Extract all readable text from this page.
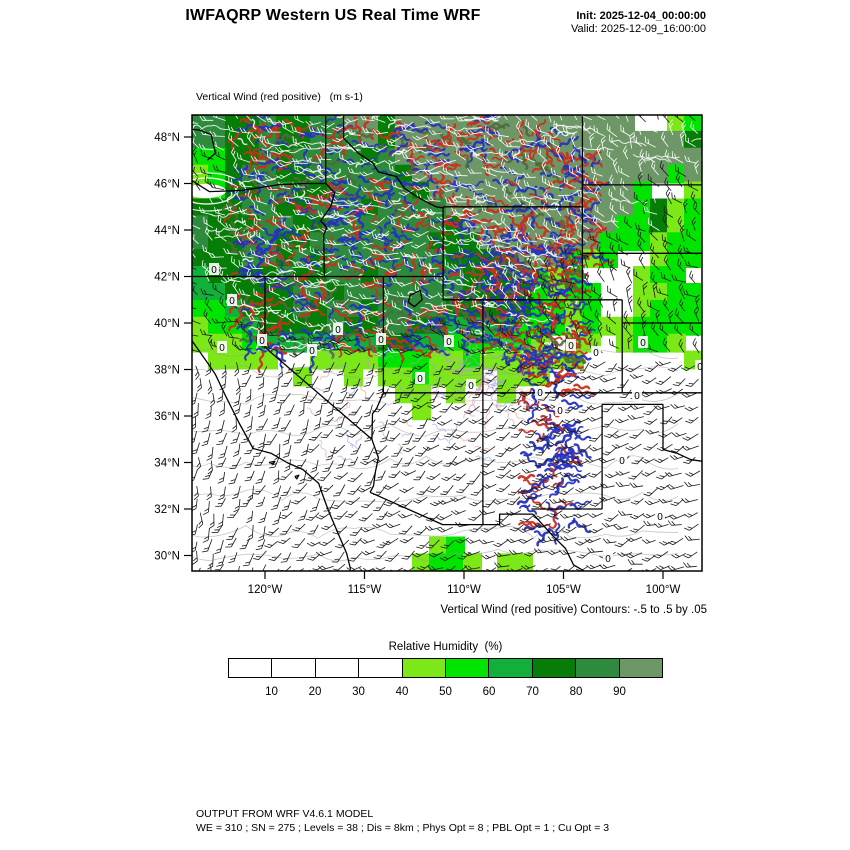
IWFAQRP Western US Real Time WRF	Init: 2025-12-04_00:00:00
Valid: 2025-12-09_16:00:00

Vertical Wind (red positive)   (m s-1)

0
0
0
0
0
0
0
0
0
0
0
0
0
0
0
0
0
0
0
0
48°N
46°N
44°N
42°N
40°N
38°N
36°N
34°N
32°N
30°N
120°W	115°W	110°W	105°W	100°W
Vertical Wind (red positive) Contours: -.5 to .5 by .05
Relative Humidity  (%)
10	20	30	40	50	60	70	80	90
OUTPUT FROM WRF V4.6.1 MODEL
WE = 310 ; SN = 275 ; Levels = 38 ; Dis = 8km ; Phys Opt = 8 ; PBL Opt = 1 ; Cu Opt = 3
